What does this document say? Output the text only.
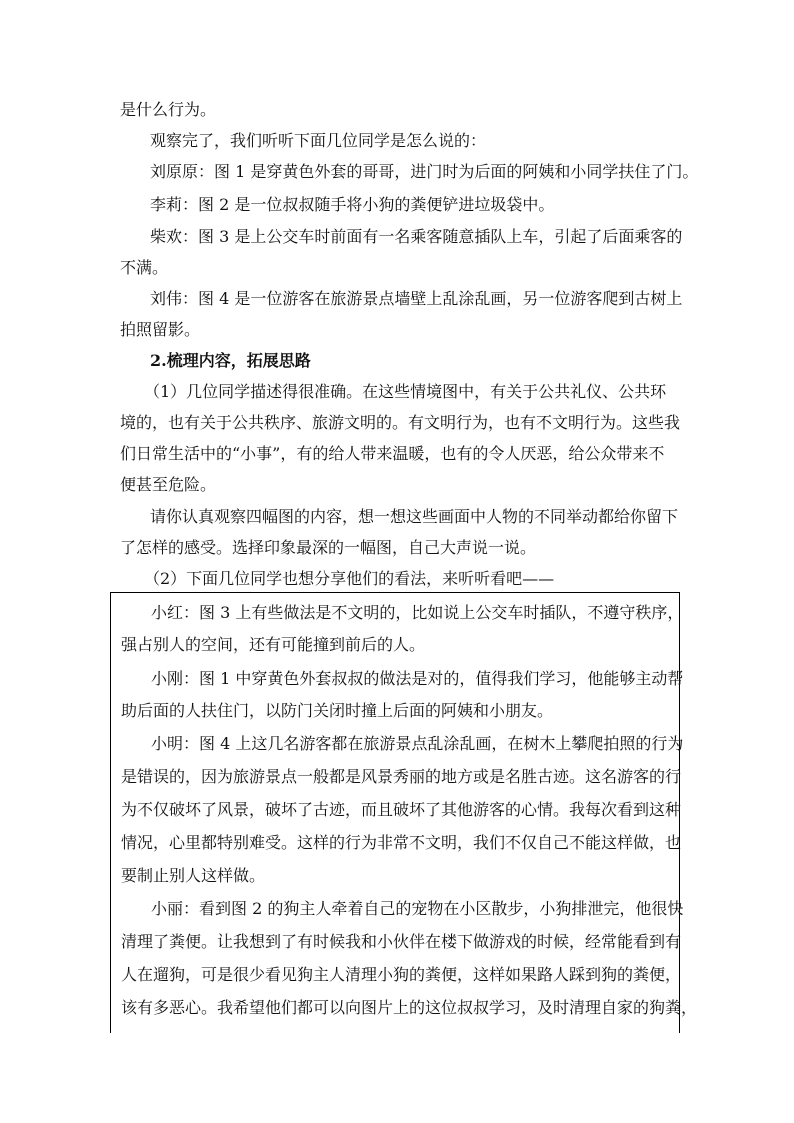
是什么行为。
观察完了，我们听听下面几位同学是怎么说的：
刘原原：图 1 是穿黄色外套的哥哥，进门时为后面的阿姨和小同学扶住了门。
李莉：图 2 是一位叔叔随手将小狗的粪便铲进垃圾袋中。
柴欢：图 3 是上公交车时前面有一名乘客随意插队上车，引起了后面乘客的
不满。
刘伟：图 4 是一位游客在旅游景点墙壁上乱涂乱画，另一位游客爬到古树上
拍照留影。
2.梳理内容，拓展思路
（1）几位同学描述得很准确。在这些情境图中，有关于公共礼仪、公共环
境的，也有关于公共秩序、旅游文明的。有文明行为，也有不文明行为。这些我
们日常生活中的“小事”，有的给人带来温暖，也有的令人厌恶，给公众带来不
便甚至危险。
请你认真观察四幅图的内容，想一想这些画面中人物的不同举动都给你留下
了怎样的感受。选择印象最深的一幅图，自己大声说一说。
（2）下面几位同学也想分享他们的看法，来听听看吧——
小红：图 3 上有些做法是不文明的，比如说上公交车时插队，不遵守秩序，
强占别人的空间，还有可能撞到前后的人。
小刚：图 1 中穿黄色外套叔叔的做法是对的，值得我们学习，他能够主动帮
助后面的人扶住门，以防门关闭时撞上后面的阿姨和小朋友。
小明：图 4 上这几名游客都在旅游景点乱涂乱画，在树木上攀爬拍照的行为
是错误的，因为旅游景点一般都是风景秀丽的地方或是名胜古迹。这名游客的行
为不仅破坏了风景，破坏了古迹，而且破坏了其他游客的心情。我每次看到这种
情况，心里都特别难受。这样的行为非常不文明，我们不仅自己不能这样做，也
要制止别人这样做。
小丽：看到图 2 的狗主人牵着自己的宠物在小区散步，小狗排泄完，他很快
清理了粪便。让我想到了有时候我和小伙伴在楼下做游戏的时候，经常能看到有
人在遛狗，可是很少看见狗主人清理小狗的粪便，这样如果路人踩到狗的粪便，
该有多恶心。我希望他们都可以向图片上的这位叔叔学习，及时清理自家的狗粪，
